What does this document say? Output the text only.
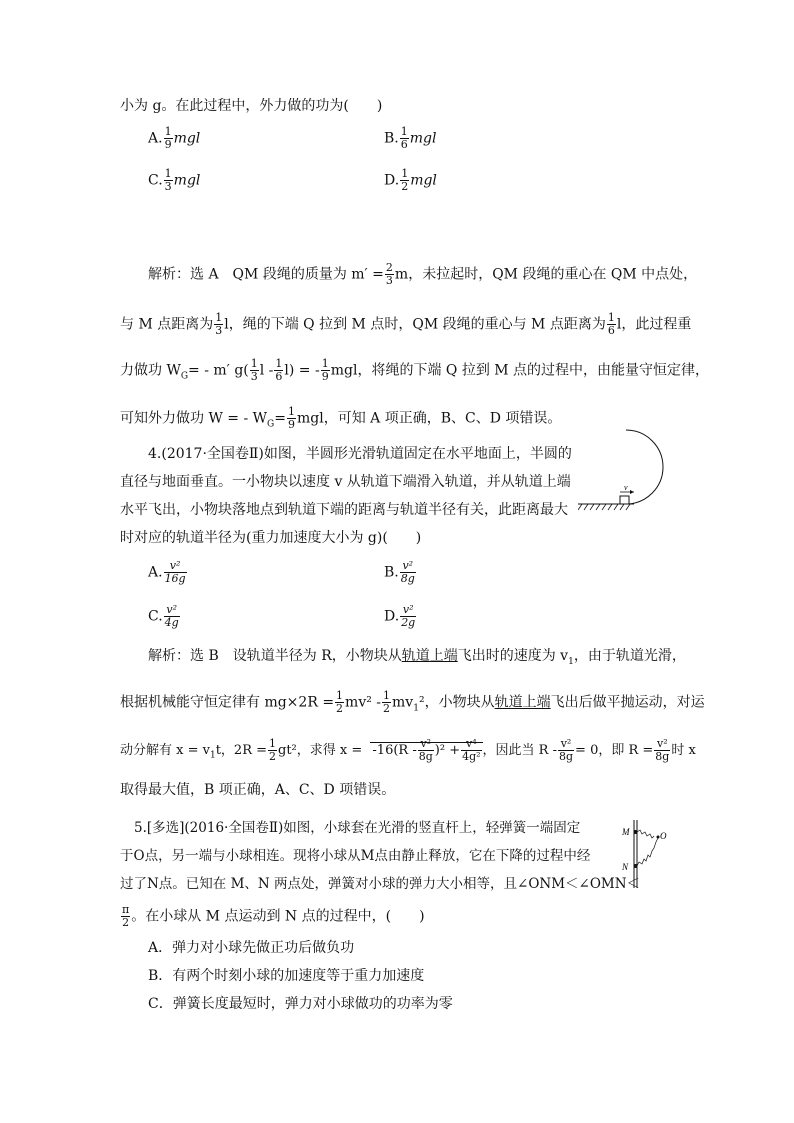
小为 g。在此过程中，外力做的功为(　　)
A. $\frac{1}{9}$ mgl	B. $\frac{1}{6}$ mgl
C. $\frac{1}{3}$ mgl	D. $\frac{1}{2}$ mgl
解析：选 A　QM 段绳的质量为 $m' = \frac{2}{3}$ m，未拉起时，QM 段绳的重心在 QM 中点处，
与 M 点距离为 $\frac{1}{3}$ l，绳的下端 Q 拉到 M 点时，QM 段绳的重心与 M 点距离为 $\frac{1}{6}$ l，此过程重
力做功 $W_G= - m'$ $g( \frac{1}{3}$ l - $\frac{1}{6} l$) = - $\frac{1}{9}$ mgl，将绳的下端 Q 拉到 M 点的过程中，由能量守恒定律，
可知外力做功 W = - $W_G= \frac{1}{9}$ mgl，可知 A 项正确，B、C、D 项错误。
4.(2017·全国卷Ⅱ)如图，半圆形光滑轨道固定在水平地面上，半圆的
直径与地面垂直。一小物块以速度 v 从轨道下端滑入轨道，并从轨道上端
水平飞出，小物块落地点到轨道下端的距离与轨道半径有关，此距离最大
时对应的轨道半径为(重力加速度大小为 g)(　　)
v
A. $\frac{\text{v²}}{16g}$	B. $\frac{\text{v²}}{8g}$
C. $\frac{\text{v²}}{4g}$	D. $\frac{\text{v²}}{2g}$
解析：选 B　设轨道半径为 R，小物块从轨道上端飞出时的速度为 $v_1$，由于轨道光滑，
根据机械能守恒定律有 $mg\times 2R = \frac{1}{2} mv^2 - \frac{1}{2} mv_1^2$，小物块从轨道上端飞出后做平抛运动，对运
动分解有 $x = v_1t$，$2R = \frac{1}{2} gt^2$，求得 $x = -16(R - \frac{\text{v²}}{8g} )^2 + \frac{\text{v⁴}}{\text{4g²}}$ ，因此当 $R - \frac{\text{v²}}{8g} = 0$，即 $R = \frac{\text{v²}}{8g}$ 时 x
取得最大值，B 项正确，A、C、D 项错误。
5.[多选](2016·全国卷Ⅱ)如图，小球套在光滑的竖直杆上，轻弹簧一端固定
于O点，另一端与小球相连。现将小球从M点由静止释放，它在下降的过程中经
过了N点。已知在 M、N 两点处，弹簧对小球的弹力大小相等，且∠ONM＜∠OMN＜
$\frac{\pi}{2}$ 。在小球从 M 点运动到 N 点的过程中，(　　)
A．弹力对小球先做正功后做负功
B．有两个时刻小球的加速度等于重力加速度
C．弹簧长度最短时，弹力对小球做功的功率为零
M	O
N
